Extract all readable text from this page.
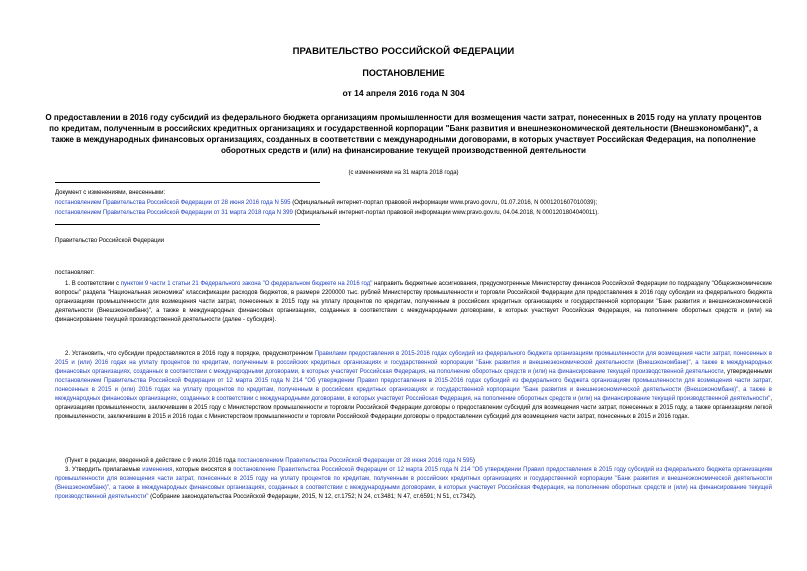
ПРАВИТЕЛЬСТВО РОССИЙСКОЙ ФЕДЕРАЦИИ
ПОСТАНОВЛЕНИЕ
от 14 апреля 2016 года N 304
О предоставлении в 2016 году субсидий из федерального бюджета организациям промышленности для возмещения части затрат, понесенных в 2015 году на уплату процентов по кредитам, полученным в российских кредитных организациях и государственной корпорации "Банк развития и внешнеэкономической деятельности (Внешэкономбанк)", а также в международных финансовых организациях, созданных в соответствии с международными договорами, в которых участвует Российская Федерация, на пополнение оборотных средств и (или) на финансирование текущей производственной деятельности
(с изменениями на 31 марта 2018 года)
Документ с изменениями, внесенными:
постановлением Правительства Российской Федерации от 28 июня 2016 года N 595 (Официальный интернет-портал правовой информации www.pravo.gov.ru, 01.07.2016, N 0001201607010039);
постановлением Правительства Российской Федерации от 31 марта 2018 года N 399 (Официальный интернет-портал правовой информации www.pravo.gov.ru, 04.04.2018, N 0001201804040011).
Правительство Российской Федерации
постановляет:
1. В соответствии с пунктом 9 части 1 статьи 21 Федерального закона "О федеральном бюджете на 2016 год" направить бюджетные ассигнования, предусмотренные Министерству финансов Российской Федерации по подразделу "Общеэкономические вопросы" раздела "Национальная экономика" классификации расходов бюджетов, в размере 2200000 тыс. рублей Министерству промышленности и торговли Российской Федерации для предоставления в 2016 году субсидии из федерального бюджета организациям промышленности для возмещения части затрат, понесенных в 2015 году на уплату процентов по кредитам, полученным в российских кредитных организациях и государственной корпорации "Банк развития и внешнеэкономической деятельности (Внешэкономбанк)", а также в международных финансовых организациях, созданных в соответствии с международными договорами, в которых участвует Российская Федерация, на пополнение оборотных средств и (или) на финансирование текущей производственной деятельности (далее - субсидия).
2. Установить, что субсидии предоставляются в 2016 году в порядке, предусмотренном Правилами предоставления в 2015-2016 годах субсидий из федерального бюджета организациям промышленности для возмещения части затрат, понесенных в 2015 и (или) 2016 годах на уплату процентов по кредитам, полученным в российских кредитных организациях и государственной корпорации "Банк развития и внешнеэкономической деятельности (Внешэкономбанк)", а также в международных финансовых организациях, созданных в соответствии с международными договорами, в которых участвует Российская Федерация, на пополнение оборотных средств и (или) на финансирование текущей производственной деятельности, утвержденными постановлением Правительства Российской Федерации от 12 марта 2015 года N 214 "Об утверждении Правил предоставления в 2015-2016 годах субсидий из федерального бюджета организациям промышленности для возмещения части затрат, понесенных в 2015 и (или) 2016 годах на уплату процентов по кредитам, полученным в российских кредитных организациях и государственной корпорации "Банк развития и внешнеэкономической деятельности (Внешэкономбанк)", а также в международных финансовых организациях, созданных в соответствии с международными договорами, в которых участвует Российская Федерация, на пополнение оборотных средств и (или) на финансирование текущей производственной деятельности", организациям промышленности, заключившим в 2015 году с Министерством промышленности и торговли Российской Федерации договоры о предоставлении субсидий для возмещения части затрат, понесенных в 2015 году, а также организациям легкой промышленности, заключившим в 2015 и 2016 годах с Министерством промышленности и торговли Российской Федерации договоры о предоставлении субсидий для возмещения части затрат, понесенных в 2015 и 2016 годах.
(Пункт в редакции, введенной в действие с 9 июля 2016 года постановлением Правительства Российской Федерации от 28 июня 2016 года N 595)
3. Утвердить прилагаемые изменения, которые вносятся в постановление Правительства Российской Федерации от 12 марта 2015 года N 214 "Об утверждении Правил предоставления в 2015 году субсидий из федерального бюджета организациям промышленности для возмещения части затрат, понесенных в 2015 году на уплату процентов по кредитам, полученным в российских кредитных организациях и государственной корпорации "Банк развития и внешнеэкономической деятельности (Внешэкономбанк)", а также в международных финансовых организациях, созданных в соответствии с международными договорами, в которых участвует Российская Федерация, на пополнение оборотных средств и (или) на финансирование текущей производственной деятельности" (Собрание законодательства Российской Федерации, 2015, N 12, ст.1752; N 24, ст.3481; N 47, ст.6591; N 51, ст.7342).
